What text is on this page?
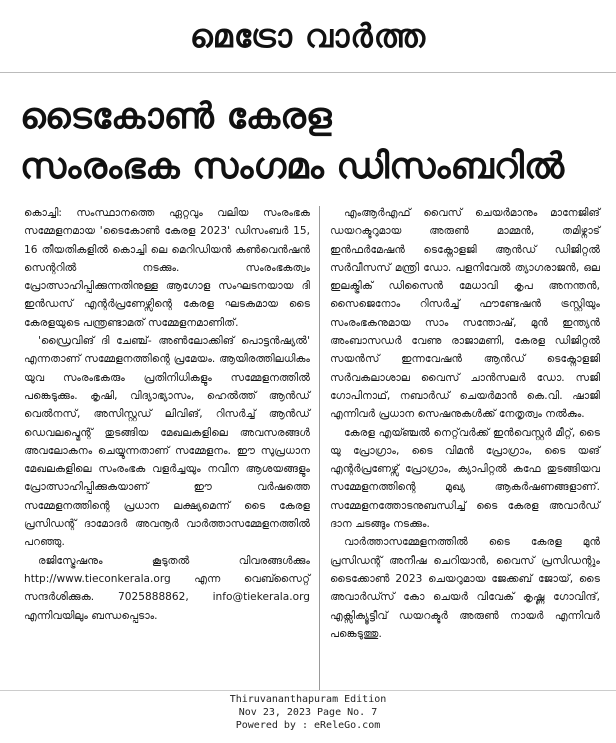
മെട്രോ വാർത്ത
ടൈകോൺ കേരള
സംരംഭക സംഗമം ഡിസംബറിൽ

കൊച്ചി: സംസ്ഥാനത്തെ ഏറ്റവും വലിയ സംരംഭക സമ്മേളനമായ 'ടൈകോൺ കേരള 2023' ഡിസംബർ 15, 16 തീയതികളിൽ കൊച്ചി ലെ മെറിഡിയൻ കൺവെൻഷൻ സെന്ററിൽ നടക്കും. സംരംഭകത്വം പ്രോത്സാഹിപ്പിക്കുന്നതിനുള്ള ആഗോള സംഘടനയായ ദി ഇൻഡസ് എന്റർപ്രണേഴ്സിന്റെ കേരള ഘടകമായ ടൈ കേരളയുടെ പന്ത്രണ്ടാമത് സമ്മേളനമാണിത്.

'ഡ്രൈവിങ് ദി ചേഞ്ച്- അൺലോക്കിങ് പൊട്ടൻഷ്യൽ' എന്നതാണ് സമ്മേളനത്തിന്റെ പ്രമേയം. ആയിരത്തിലധികം യുവ സംരംഭകരും പ്രതിനിധികളും സമ്മേളനത്തിൽ പങ്കെടുക്കും. കൃഷി, വിദ്യാഭ്യാസം, ഹെൽത്ത് ആൻഡ് വെൽനസ്, അസിസ്റ്റഡ് ലിവിങ്, റിസർച്ച് ആൻഡ് ഡെവലപ്മെന്റ് തുടങ്ങിയ മേഖലകളിലെ അവസരങ്ങൾ അവലോകനം ചെയ്യുന്നതാണ് സമ്മേളനം. ഈ സുപ്രധാന മേഖലകളിലെ സംരംഭക വളർച്ചയും നവീന ആശയങ്ങളും പ്രോത്സാഹിപ്പിക്കുകയാണ് ഈ വർഷത്തെ സമ്മേളനത്തിന്റെ പ്രധാന ലക്ഷ്യമെന്ന് ടൈ കേരള പ്രസിഡന്റ് ദാമോദർ അവനൂർ വാർത്താസമ്മേളനത്തിൽ പറഞ്ഞു.

രജിസ്ട്രേഷനും കൂടുതൽ വിവരങ്ങൾക്കും http://www.tieconkerala.org എന്ന വെബ്സൈറ്റ് സന്ദർശിക്കുക. 7025888862, info@tiekerala.org എന്നിവയിലും ബന്ധപ്പെടാം.

എംആർഎഫ് വൈസ് ചെയർമാനും മാനേജിങ് ഡയറക്ടറുമായ അരുൺ മാമ്മൻ, തമിഴ്നാട് ഇൻഫർമേഷൻ ടെക്നോളജി ആൻഡ് ഡിജിറ്റൽ സർവീസസ് മന്ത്രി ഡോ. പളനിവേൽ ത്യാഗരാജൻ, ഒല ഇലക്ട്രിക് ഡിസൈൻ മേധാവി കൃപ അനന്തൻ, സൈജെനോം റിസർച്ച് ഫൗണ്ടേഷൻ ട്രസ്റ്റിയും സംരംഭകനുമായ സാം സന്തോഷ്, മുൻ ഇന്ത്യൻ അംബാസഡർ വേണു രാജാമണി, കേരള ഡിജിറ്റൽ സയൻസ് ഇന്നവേഷൻ ആൻഡ് ടെക്നോളജി സർവകലാശാല വൈസ് ചാൻസലർ ഡോ. സജി ഗോപിനാഥ്, നബാർഡ് ചെയർമാൻ കെ.വി. ഷാജി എന്നിവർ പ്രധാന സെഷനുകൾക്ക് നേതൃത്വം നൽകും.

കേരള എയ്ഞ്ചൽ നെറ്റ്‌വർക്ക് ഇൻവെസ്റ്റർ മീറ്റ്, ടൈ യു പ്രോഗ്രാം, ടൈ വിമൻ പ്രോഗ്രാം, ടൈ യങ് എന്റർപ്രണേഴ്സ് പ്രോഗ്രാം, ക്യാപിറ്റൽ കഫേ തുടങ്ങിയവ സമ്മേളനത്തിന്റെ മുഖ്യ ആകർഷണങ്ങളാണ്. സമ്മേളനത്തോടനുബന്ധിച്ച് ടൈ കേരള അവാർഡ് ദാന ചടങ്ങും നടക്കും.

വാർത്താസമ്മേളനത്തിൽ ടൈ കേരള മുൻ പ്രസിഡന്റ് അനീഷ ചെറിയാൻ, വൈസ് പ്രസിഡന്റും ടൈക്കോൺ 2023 ചെയറുമായ ജേക്കബ് ജോയ്, ടൈ അവാർഡ്സ് കോ ചെയർ വിവേക് കൃഷ്ണ ഗോവിന്ദ്, എക്സിക്യൂട്ടീവ് ഡയറക്ടർ അരുൺ നായർ എന്നിവർ പങ്കെടുത്തു.

Thiruvananthapuram Edition
Nov 23, 2023 Page No. 7
Powered by : eReleGo.com
